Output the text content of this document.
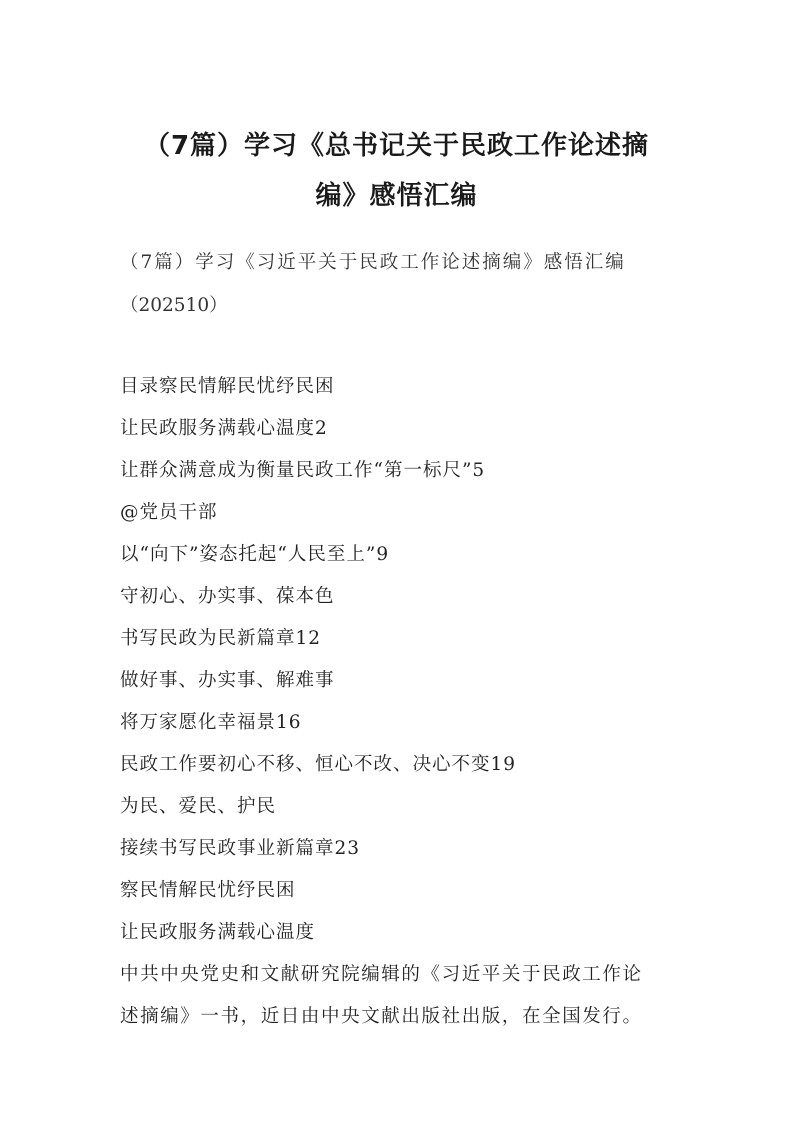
（7篇）学习《总书记关于民政工作论述摘
编》感悟汇编
（7篇）学习《习近平关于民政工作论述摘编》感悟汇编
（202510）
目录察民情解民忧纾民困
让民政服务满载心温度2
让群众满意成为衡量民政工作“第一标尺”5
@党员干部
以“向下”姿态托起“人民至上”9
守初心、办实事、葆本色
书写民政为民新篇章12
做好事、办实事、解难事
将万家愿化幸福景16
民政工作要初心不移、恒心不改、决心不变19
为民、爱民、护民
接续书写民政事业新篇章23
察民情解民忧纾民困
让民政服务满载心温度
中共中央党史和文献研究院编辑的《习近平关于民政工作论
述摘编》一书，近日由中央文献出版社出版，在全国发行。
